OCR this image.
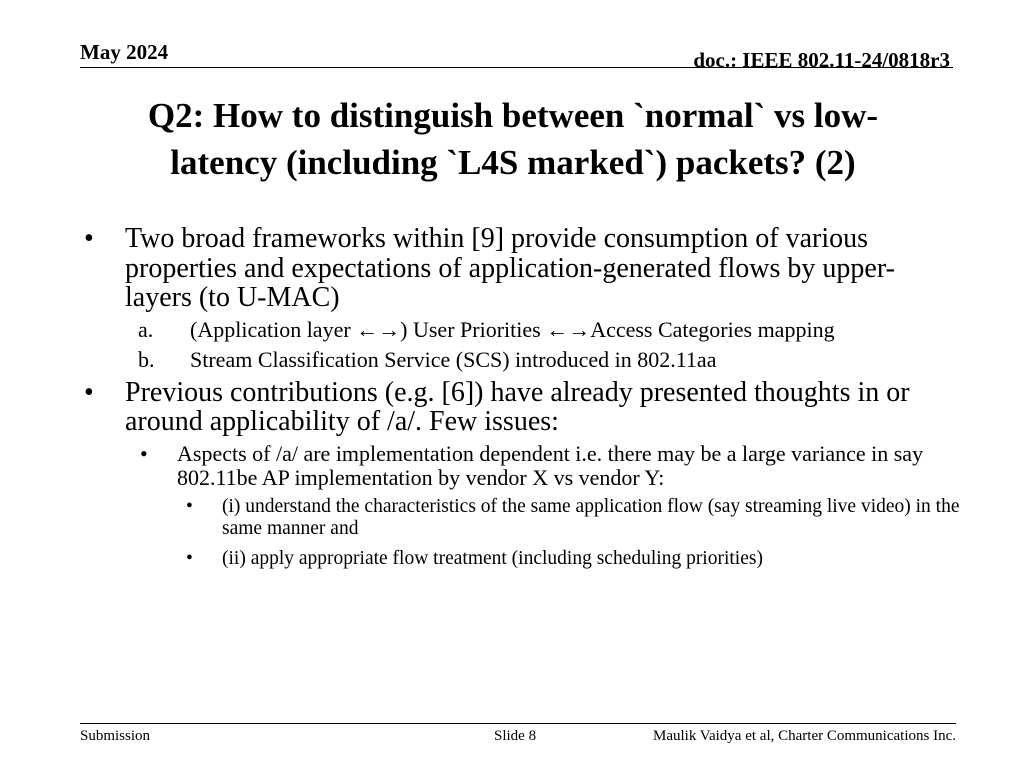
May 2024	doc.: IEEE 802.11-24/0818r3
Q2: How to distinguish between `normal` vs low-
latency (including `L4S marked`) packets? (2)
• Two broad frameworks within [9] provide consumption of various properties and expectations of application-generated flows by upper-layers (to U-MAC)
a. (Application layer ←→) User Priorities ←→Access Categories mapping
b. Stream Classification Service (SCS) introduced in 802.11aa
• Previous contributions (e.g. [6]) have already presented thoughts in or around applicability of /a/. Few issues:
• Aspects of /a/ are implementation dependent i.e. there may be a large variance in say 802.11be AP implementation by vendor X vs vendor Y:
• (i) understand the characteristics of the same application flow (say streaming live video) in the same manner and
• (ii) apply appropriate flow treatment (including scheduling priorities)
Submission	Slide 8	Maulik Vaidya et al, Charter Communications Inc.
